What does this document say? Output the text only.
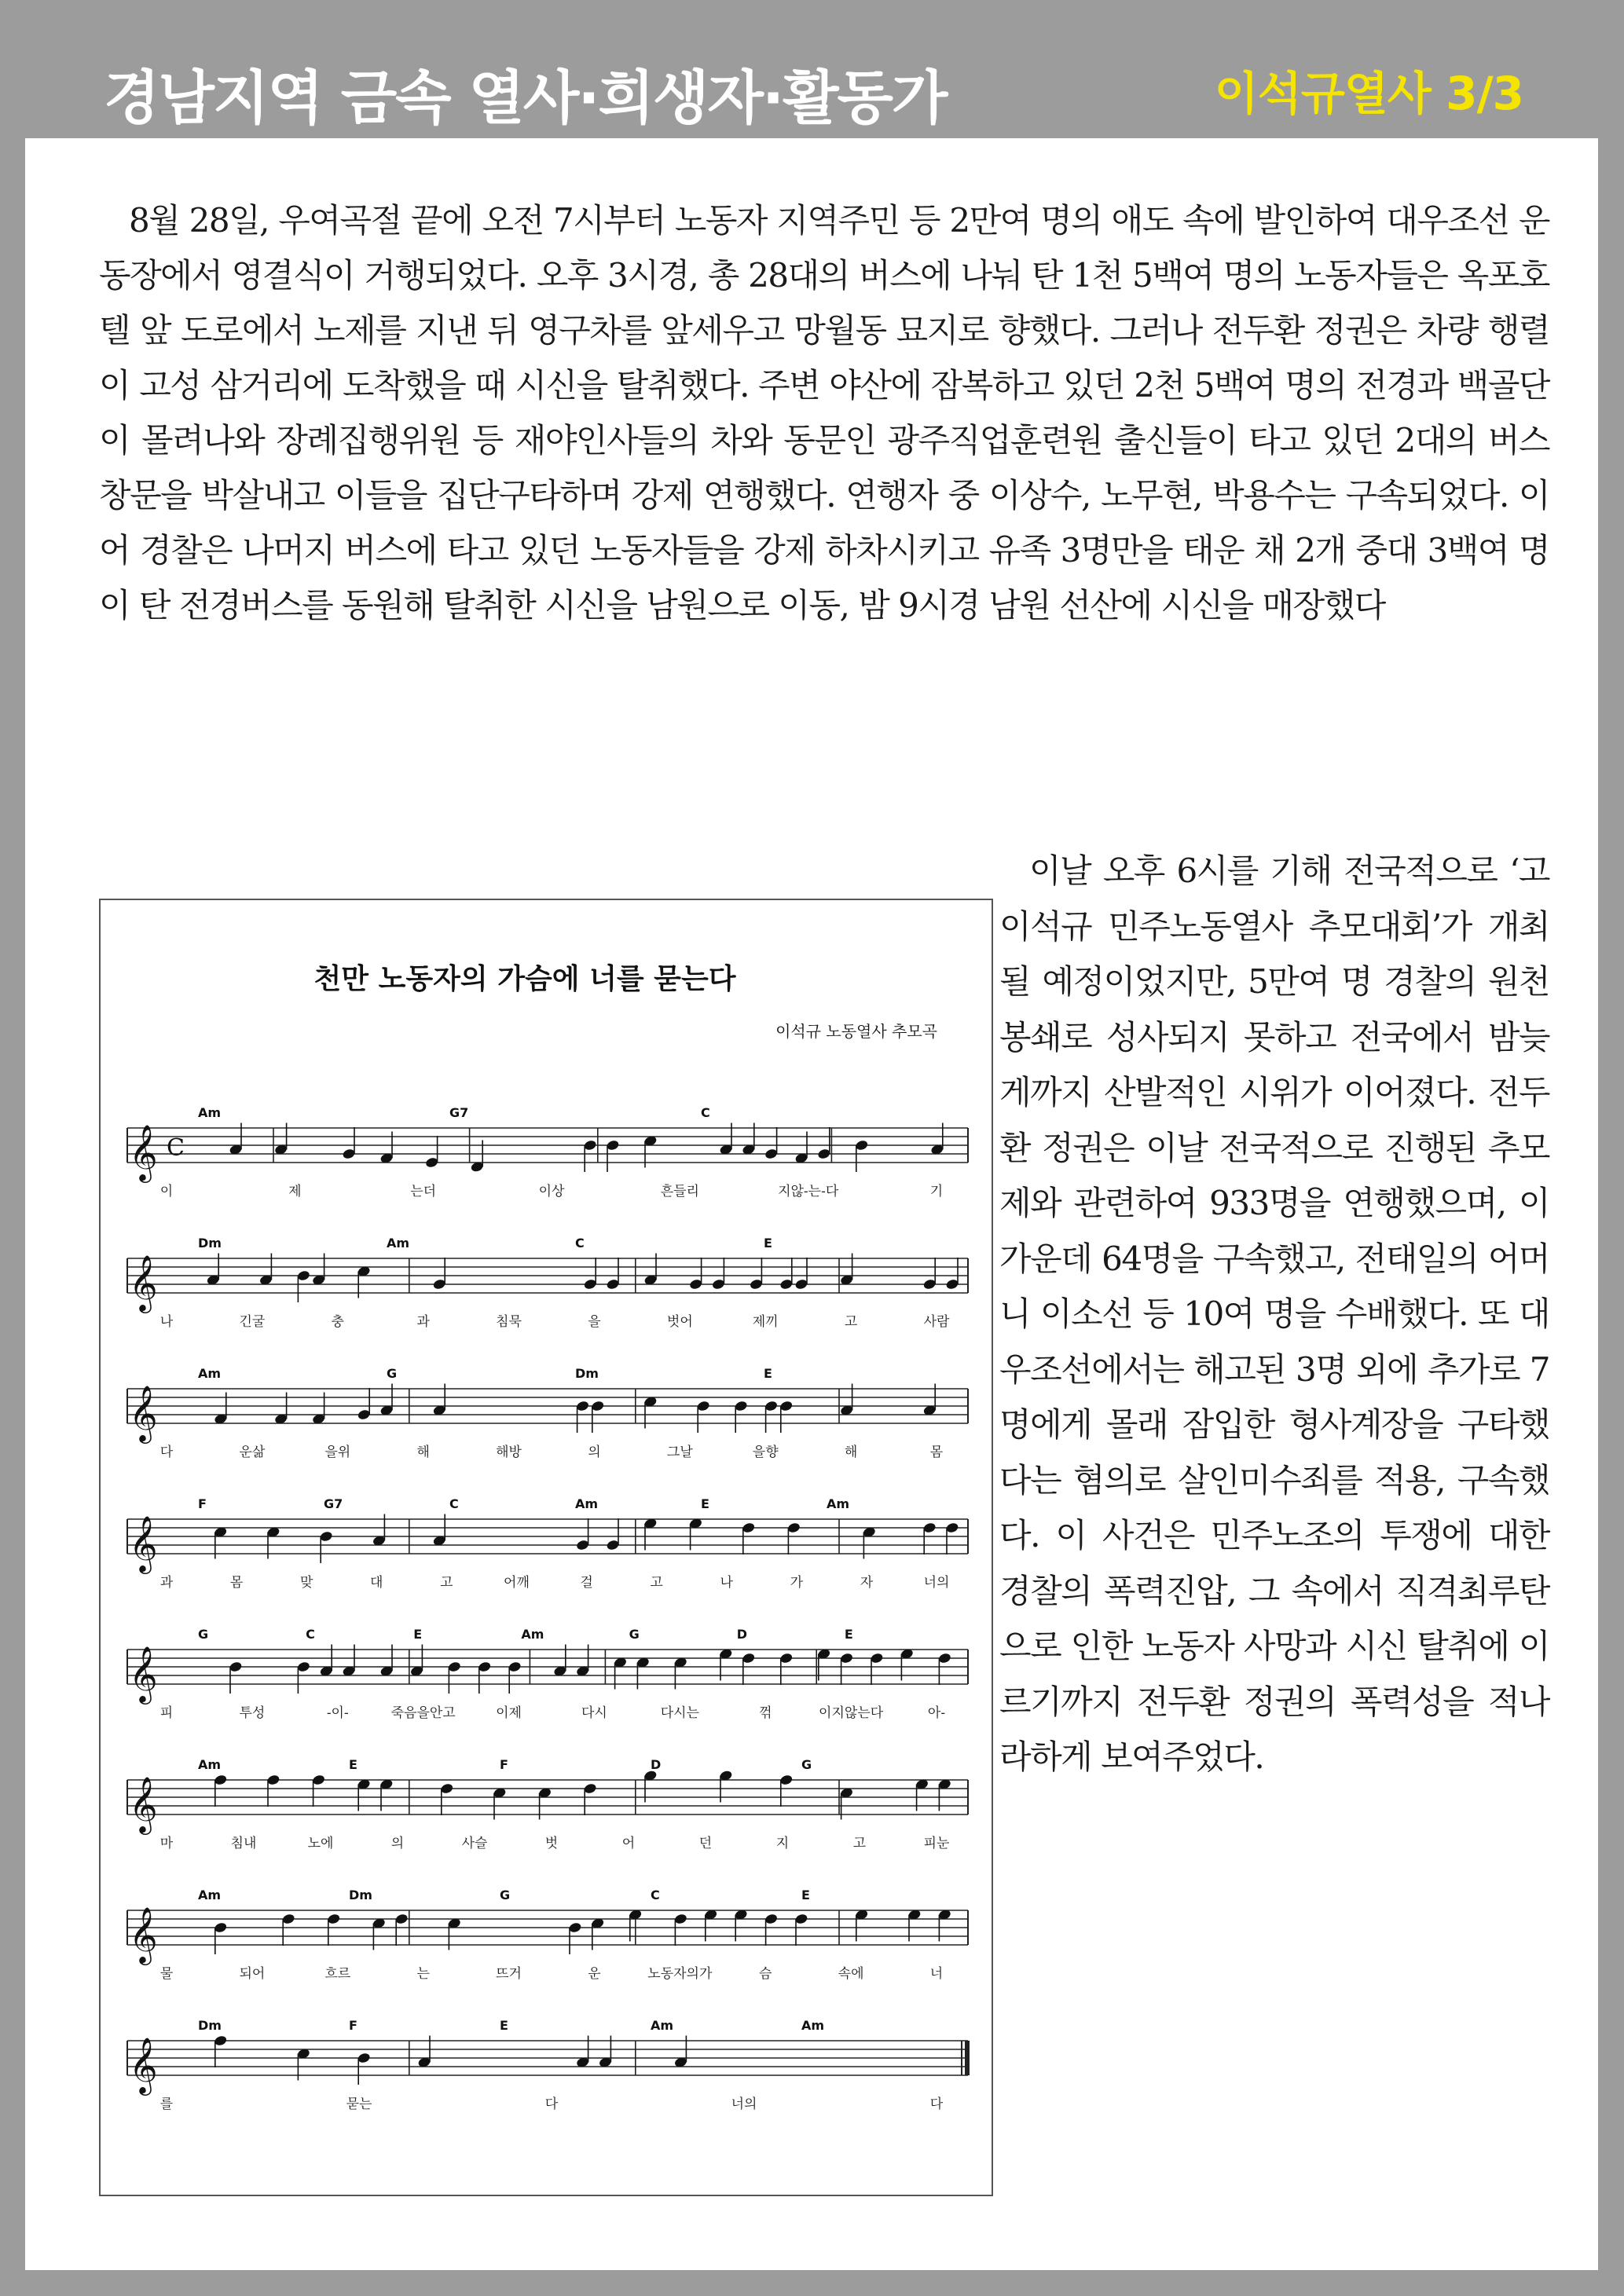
경남지역 금속 열사·희생자·활동가	이석규열사 3/3

8월 28일, 우여곡절 끝에 오전 7시부터 노동자 지역주민 등 2만여 명의 애도 속에 발인하여 대우조선 운동장에서 영결식이 거행되었다. 오후 3시경, 총 28대의 버스에 나눠 탄 1천 5백여 명의 노동자들은 옥포호텔 앞 도로에서 노제를 지낸 뒤 영구차를 앞세우고 망월동 묘지로 향했다. 그러나 전두환 정권은 차량 행렬이 고성 삼거리에 도착했을 때 시신을 탈취했다. 주변 야산에 잠복하고 있던 2천 5백여 명의 전경과 백골단이 몰려나와 장례집행위원 등 재야인사들의 차와 동문인 광주직업훈련원 출신들이 타고 있던 2대의 버스 창문을 박살내고 이들을 집단구타하며 강제 연행했다. 연행자 중 이상수, 노무현, 박용수는 구속되었다. 이어 경찰은 나머지 버스에 타고 있던 노동자들을 강제 하차시키고 유족 3명만을 태운 채 2개 중대 3백여 명이 탄 전경버스를 동원해 탈취한 시신을 남원으로 이동, 밤 9시경 남원 선산에 시신을 매장했다

천만 노동자의 가슴에 너를 묻는다
이석규 노동열사 추모곡
𝄞 C
Am	G7	C
이	제	는더	이상	흔들리	지않-는-다	기
𝄞
Dm	Am	C	E
나	긴굴	충	과	침묵	을	벗어	제끼	고	사람
𝄞
Am	G	Dm	E
다	운삶	을위	해	해방	의	그날	을향	해	몸
𝄞
F	G7	C	Am	E	Am
과	몸	맞	대	고	어깨	걸	고	나	가	자	너의
𝄞
G	C	E	Am	G	D	E
피	투성	-이-	죽음을안고	이제	다시	다시는	꺾	이지않는다	아-
𝄞
Am	E	F	D	G
마	침내	노에	의	사슬	벗	어	던	지	고	피눈
𝄞
Am	Dm	G	C	E
물	되어	흐르	는	뜨거	운	노동자의가	슴	속에	너
𝄞
Dm	F	E	Am	Am
를	묻는	다	너의	다

이날 오후 6시를 기해 전국적으로 ‘고 이석규 민주노동열사 추모대회’가 개최될 예정이었지만, 5만여 명 경찰의 원천봉쇄로 성사되지 못하고 전국에서 밤늦게까지 산발적인 시위가 이어졌다. 전두환 정권은 이날 전국적으로 진행된 추모제와 관련하여 933명을 연행했으며, 이 가운데 64명을 구속했고, 전태일의 어머니 이소선 등 10여 명을 수배했다. 또 대우조선에서는 해고된 3명 외에 추가로 7명에게 몰래 잠입한 형사계장을 구타했다는 혐의로 살인미수죄를 적용, 구속했다. 이 사건은 민주노조의 투쟁에 대한 경찰의 폭력진압, 그 속에서 직격최루탄으로 인한 노동자 사망과 시신 탈취에 이르기까지 전두환 정권의 폭력성을 적나라하게 보여주었다.
